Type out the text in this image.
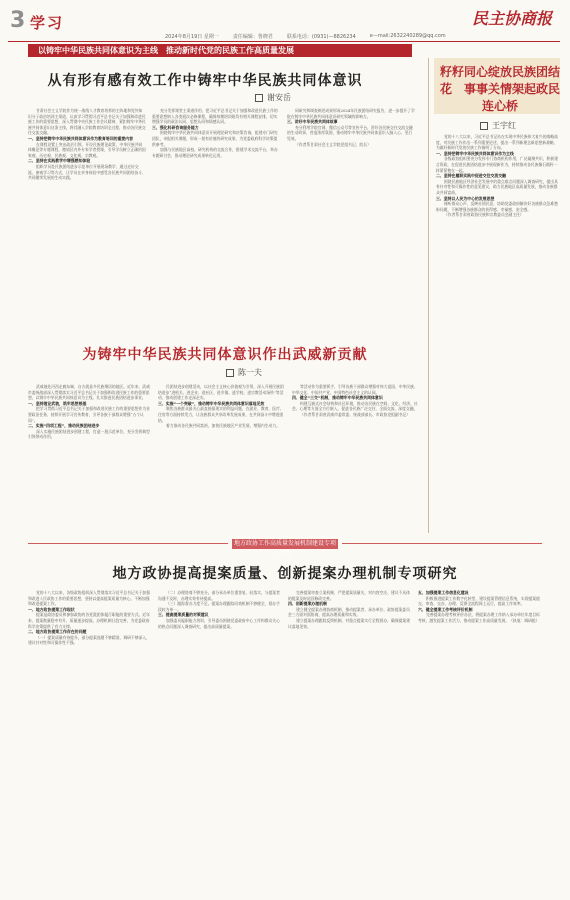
3 学习	民主协商报
2024年8月19日 星期一	责任编辑：鲁晓君	联系电话：(0931)—8826234	e—mail:2632240289@qq.com
以铸牢中华民族共同体意识为主线　推动新时代党的民族工作高质量发展
从有形有感有效工作中铸牢中华民族共同体意识
谢安岳

甘肃社会主义学院作为统一战线人才教育培养的主阵地和党外知识分子政治培训主渠道，认真学习贯彻习近平总书记关于加强和改进民族工作的重要思想，深入贯彻中央民族工作会议精神，紧扣铸牢中华民族共同体意识这条主线，将其融入学院教育培训全过程，推动各民族交往交流交融。

一、坚持把铸牢中华民族共同体意识作为教育培训的重要内容

在课程设置上突出政治引领，开设民族理论政策、中华民族共同体概论等专题课程，邀请区内外专家学者授课，引导学员树立正确的国家观、历史观、民族观、文化观、宗教观。

二、坚持在实践教学中增强感知体验

组织学员赴民族团结进步示范单位开展现场教学，通过走访交流、参观学习等方式，让学员在亲身体验中感受各民族共同团结奋斗、共同繁荣发展的生动实践。

充分发挥课堂主渠道作用，把习近平总书记关于加强和改进民族工作的重要思想纳入各类班次必修课程，确保每期培训班均有相关课程安排，切实增强学员的政治认同、思想认同和情感认同。

三、强化科研咨询服务能力

围绕铸牢中华民族共同体意识开展理论研究和决策咨询，组建专门研究团队，申报相关课题，形成一批有价值的研究成果，为党委政府科学决策提供参考。

加强与民族地区高校、研究机构的交流合作，搭建学术交流平台，举办专题研讨会，推动理论研究成果转化运用。

同研究和调查阐述成果形成2024年民族团结研究报告，进一步提升了学院在铸牢中华民族共同体意识研究领域的影响力。

三、讲好中华民族共同体故事

充分利用学院官网、微信公众号等宣传平台，讲好各民族交往交流交融的生动故事，营造浓厚氛围，推动铸牢中华民族共同体意识入脑入心、见行见效。

（作者系甘肃社会主义学院党组书记、院长）

籽籽同心绽放民族团结花　事事关情架起政民连心桥
王宇红

党的十八大以来，习近平总书记站在实现中华民族伟大复兴的战略高度，对民族工作作出一系列重要论述，提出一系列新理念新思想新战略，为做好新时代党的民族工作指明了方向。

一、坚持把铸牢中华民族共同体意识作为主线

各级政协组织要充分发挥专门协商机构作用，广泛凝聚共识，积极建言资政，在促进民族团结进步中展现新作为，持续推动各民族像石榴籽一样紧紧抱在一起。

二、坚持在履职实践中促进交往交流交融

围绕民族地区经济社会发展中的重点难点问题深入调查研究，提出具有针对性和可操作性的意见建议，助力民族地区高质量发展，推动各族群众共同富裕。

三、坚持以人民为中心的发展思想

倾听群众心声，反映社情民意，协助党委政府解决好各族群众急难愁盼问题，不断增强各族群众的获得感、幸福感、安全感。

（作者系甘肃省政协民族和宗教委员会副主任）

为铸牢中华民族共同体意识作出武威新贡献
陈一夫

武威地处河西走廊东端，自古就是多民族聚居的地区。近年来，武威市委统战部深入贯彻落实习近平总书记关于加强和改进民族工作的重要思想，以铸牢中华民族共同体意识为主线，扎实推进民族团结进步事业。

一、坚持理论武装，筑牢思想根基

把学习贯彻习近平总书记关于加强和改进民族工作的重要思想作为首要政治任务，持续开展学习宣传教育，引导各族干部群众增强“五个认同”。

二、实施“四项工程”，推动民族团结进步

深入实施民族团结进步创建工程，打造一批示范单位，充分发挥典型引领带动作用。

民团结进步创建活动，以社会主义核心价值观为引领，深入开展民族团结进步“进机关、进企业、进社区、进乡镇、进学校、进宗教活动场所”等活动，推动创建工作走深走实。

三、实施“一个突破”，推动铸牢中华民族共同体意识落地见效

聚焦各族群众最关心最直接最现实的利益问题，在就业、教育、医疗、住房等方面持续发力，让各族群众共享改革发展成果，在共同奋斗中增进团结。

着力推动各民族共同富裕，加快民族地区产业发展，增强内生动力。

等活动作为重要抓手，引导各族干部群众增强对伟大祖国、中华民族、中华文化、中国共产党、中国特色社会主义的认同。

四、健全“三交”机制，推动铸牢中华民族共同体意识

构建互嵌式社会结构和社区环境，推动各民族在空间、文化、经济、社会、心理等方面全方位嵌入，促进各民族广泛交往、全面交流、深度交融。

（作者系甘肃省武威市委常委、统战部部长、市政协党组副书记）

地方政协工作高质量发展机制建设专项研究
地方政协提高提案质量、创新提案办理机制专项研究

党的十八大以来，各级政协组织深入贯彻落实习近平总书记关于加强和改进人民政协工作的重要思想，坚持以提高提案质量为核心，不断加强和改进提案工作。

一、地方政协提案工作现状

提案是政协委员和参加政协的各党派团体履行职能的重要方式。近年来，提案数量稳中有升，质量逐步提高，办理机制日趋完善，为党委政府科学决策提供了有力支撑。

二、地方政协提案工作存在的问题

（一）提案质量有待提升。部分提案选题不够精准，调研不够深入，建议针对性和可操作性不强。

（二）办理协商不够充分。部分承办单位重答复、轻落实，与提案者沟通不及时，办理实效有待提高。

（三）跟踪督办力度不足。提案办理跟踪问效机制不够健全，督办手段较为单一。

三、提高提案质量的对策建议

加强委员履职能力培训，引导委员围绕党委政府中心工作和群众关心的热点问题深入调查研究，提出高质量提案。

完善提案审查立案机制，严把提案质量关，对内容空泛、建议不具体的提案及时退回修改完善。

四、创新提案办理机制

建立健全提案办理协商机制，推动提案者、承办单位、政协提案委员会三方面对面协商，提高办理质量和实效。

建立提案办理跟踪反馈机制，对重点提案实行全程督办，确保提案建议落地见效。

五、加强提案工作信息化建设

积极推进提案工作数字化转型，建设提案管理信息系统，实现提案提交、审查、交办、办理、反馈全流程网上运行，提高工作效率。

六、健全提案工作考核评价机制

完善提案办理考核评价办法，将提案办理工作纳入承办单位年度目标考核，激发提案工作活力，推动提案工作高质量发展。（执笔：调研组）
